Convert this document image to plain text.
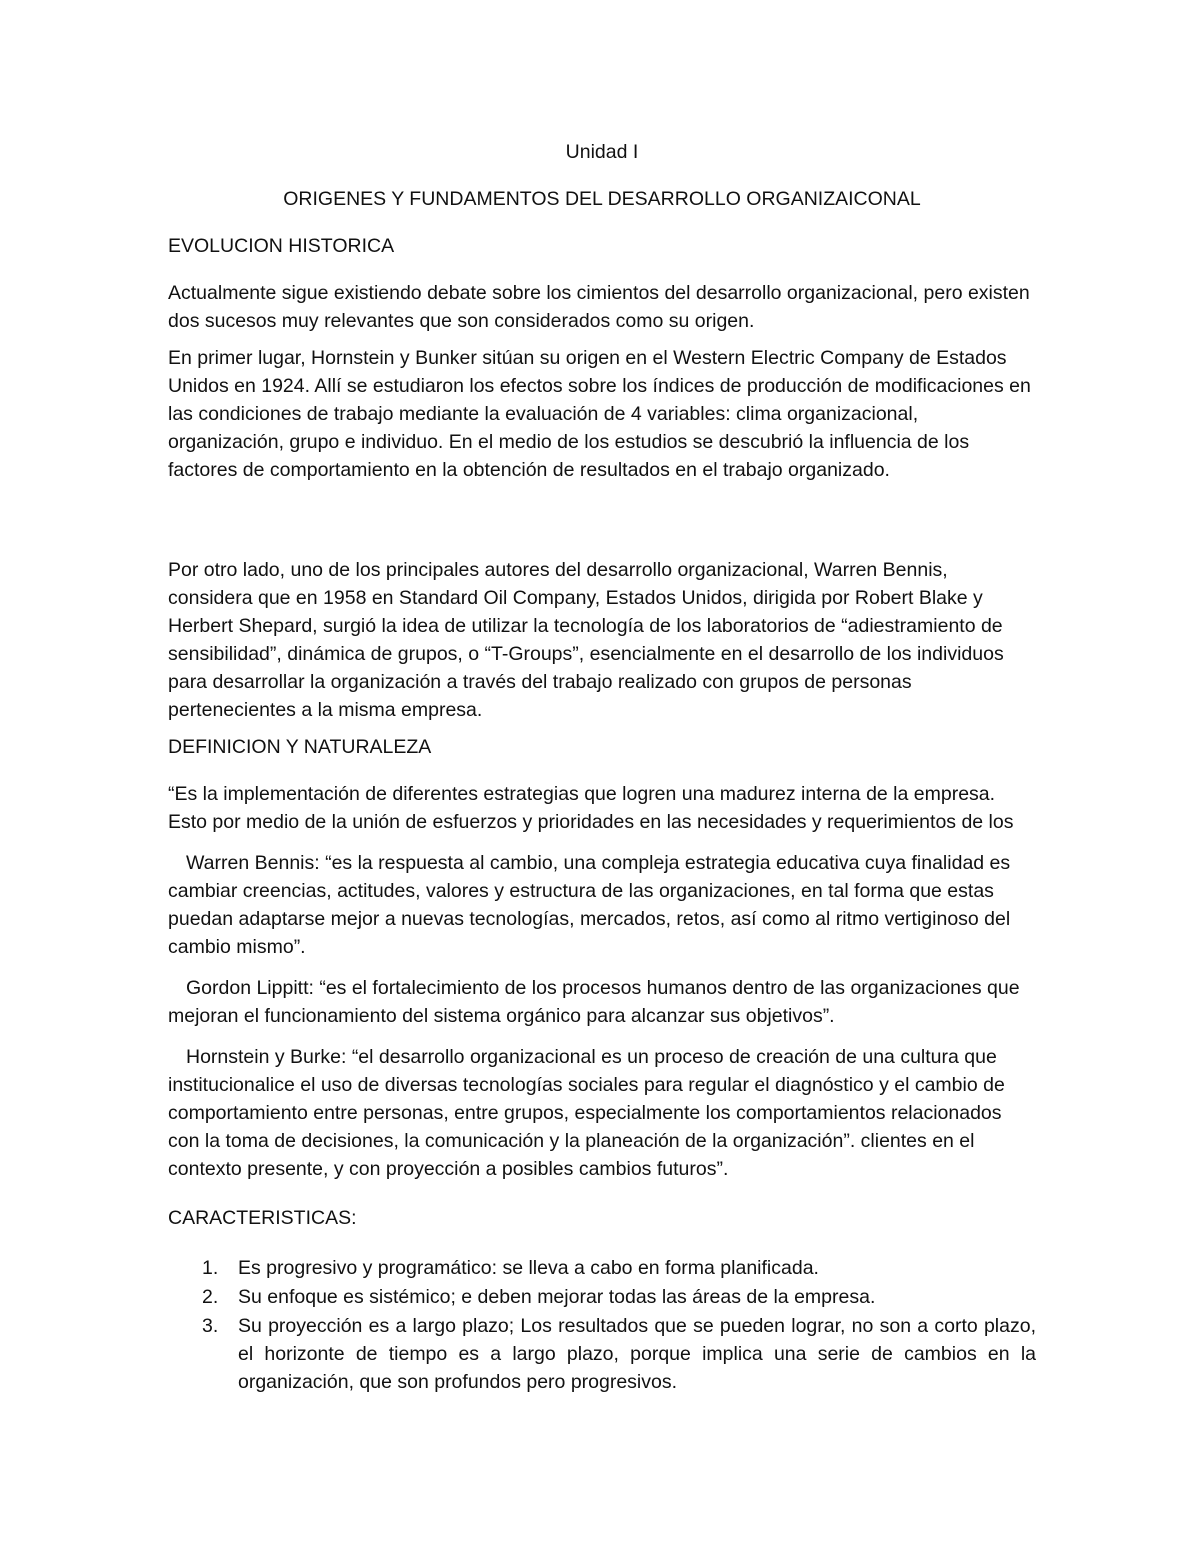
Unidad I

ORIGENES Y FUNDAMENTOS DEL DESARROLLO ORGANIZAICONAL

EVOLUCION HISTORICA

Actualmente sigue existiendo debate sobre los cimientos del desarrollo organizacional, pero existen dos sucesos muy relevantes que son considerados como su origen.

En primer lugar, Hornstein y Bunker sitúan su origen en el Western Electric Company de Estados Unidos en 1924. Allí se estudiaron los efectos sobre los índices de producción de modificaciones en las condiciones de trabajo mediante la evaluación de 4 variables: clima organizacional, organización, grupo e individuo. En el medio de los estudios se descubrió la influencia de los factores de comportamiento en la obtención de resultados en el trabajo organizado.

Por otro lado, uno de los principales autores del desarrollo organizacional, Warren Bennis, considera que en 1958 en Standard Oil Company, Estados Unidos, dirigida por Robert Blake y Herbert Shepard, surgió la idea de utilizar la tecnología de los laboratorios de “adiestramiento de sensibilidad”, dinámica de grupos, o “T-Groups”, esencialmente en el desarrollo de los individuos para desarrollar la organización a través del trabajo realizado con grupos de personas pertenecientes a la misma empresa.

DEFINICION Y NATURALEZA

“Es la implementación de diferentes estrategias que logren una madurez interna de la empresa. Esto por medio de la unión de esfuerzos y prioridades en las necesidades y requerimientos de los

Warren Bennis: “es la respuesta al cambio, una compleja estrategia educativa cuya finalidad es cambiar creencias, actitudes, valores y estructura de las organizaciones, en tal forma que estas puedan adaptarse mejor a nuevas tecnologías, mercados, retos, así como al ritmo vertiginoso del cambio mismo”.

Gordon Lippitt: “es el fortalecimiento de los procesos humanos dentro de las organizaciones que mejoran el funcionamiento del sistema orgánico para alcanzar sus objetivos”.

Hornstein y Burke: “el desarrollo organizacional es un proceso de creación de una cultura que institucionalice el uso de diversas tecnologías sociales para regular el diagnóstico y el cambio de comportamiento entre personas, entre grupos, especialmente los comportamientos relacionados con la toma de decisiones, la comunicación y la planeación de la organización”. clientes en el contexto presente, y con proyección a posibles cambios futuros”.

CARACTERISTICAS:

1. Es progresivo y programático: se lleva a cabo en forma planificada.
2. Su enfoque es sistémico; e deben mejorar todas las áreas de la empresa.
3. Su proyección es a largo plazo; Los resultados que se pueden lograr, no son a corto plazo, el horizonte de tiempo es a largo plazo, porque implica una serie de cambios en la organización, que son profundos pero progresivos.
